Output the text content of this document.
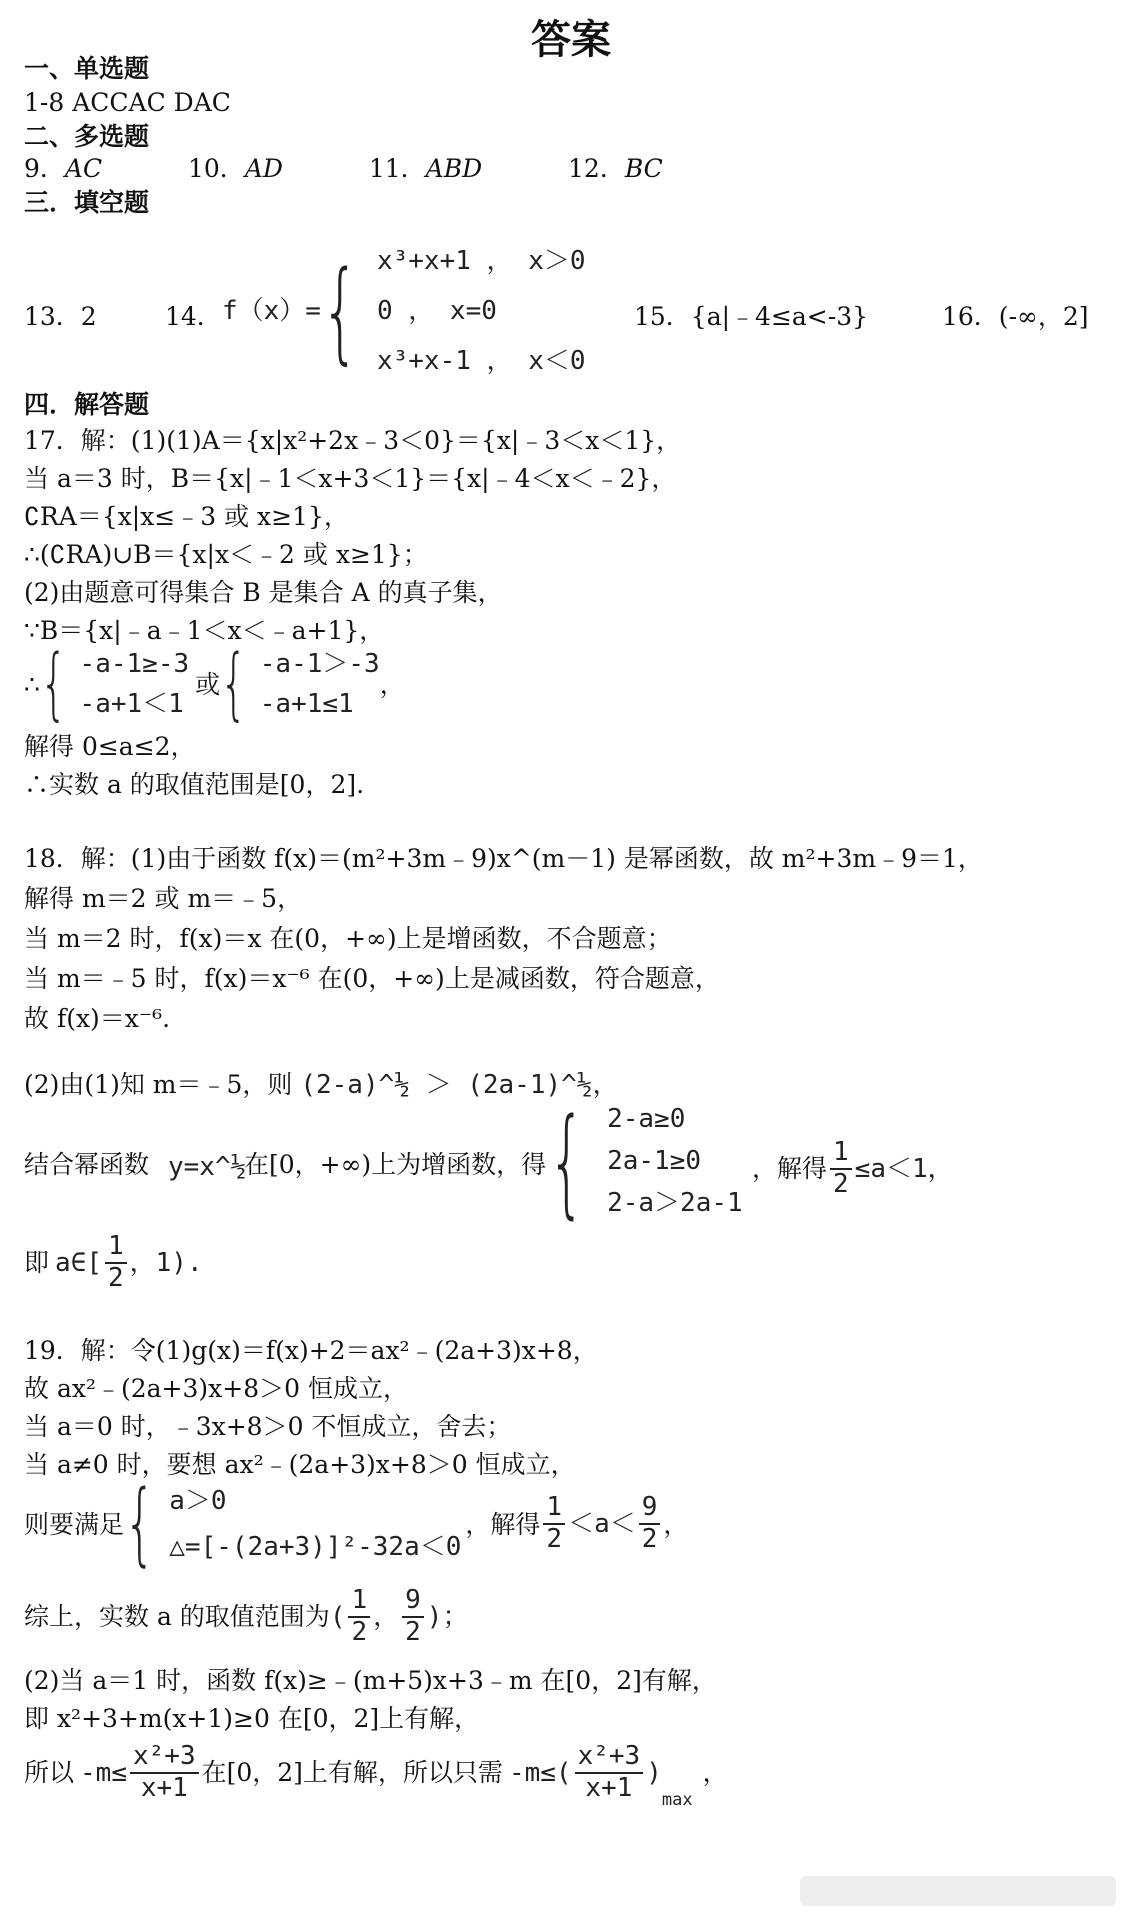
答案
一、单选题
1-8 ACCAC DAC
二、多选题
9．AC	10．AD	11．ABD	12．BC
三．填空题
13．2	14． f（x）= { x³+x+1 ， x＞0
0 ， x=0
x³+x-1 ， x＜0
15．{a|﹣4≤a<-3}	16．(-∞，2]
四．解答题
17．解：(1)(1)A＝{x|x²+2x﹣3＜0}＝{x|﹣3＜x＜1}，
当 a＝3 时，B＝{x|﹣1＜x+3＜1}＝{x|﹣4＜x＜﹣2}，
∁RA＝{x|x≤﹣3 或 x≥1}，
∴(∁RA)∪B＝{x|x＜﹣2 或 x≥1}；
(2)由题意可得集合 B 是集合 A 的真子集，
∵B＝{x|﹣a﹣1＜x＜﹣a+1}，
∴ { -a-1≥-3
-a+1＜1
或 { -a-1＞-3
-a+1≤1
，
解得 0≤a≤2，
∴实数 a 的取值范围是[0，2].
18．解：(1)由于函数 f(x)＝(m²+3m﹣9)x^(m－1) 是幂函数，故 m²+3m﹣9＝1，
解得 m＝2 或 m＝﹣5，
当 m＝2 时，f(x)＝x 在(0，+∞)上是增函数，不合题意；
当 m＝﹣5 时，f(x)＝x⁻⁶ 在(0，+∞)上是减函数，符合题意，
故 f(x)＝x⁻⁶.
(2)由(1)知 m＝﹣5，则 (2-a)^½ ＞ (2a-1)^½，
结合幂函数 y=x^½
在[0，+∞)上为增函数，得 { 2-a≥0
2a-1≥0
2-a＞2a-1
，解得 $\frac{1}{2} \le a<1$，
即 a∈[ $\frac{1}{2}$ ，1).
19．解：令(1)g(x)＝f(x)+2＝ax²﹣(2a+3)x+8，
故 ax²﹣(2a+3)x+8＞0 恒成立，
当 a＝0 时，﹣3x+8＞0 不恒成立，舍去；
当 a≠0 时，要想 ax²﹣(2a+3)x+8＞0 恒成立，
则要满足 { a＞0
△=[-(2a+3)]²-32a＜0
，解得 $\frac{1}{2} <a< \frac{9}{2}$ ，
综上，实数 a 的取值范围为 ( $\frac{1}{2}$ ， $\frac{9}{2}$ )；
(2)当 a＝1 时，函数 f(x)≥﹣(m+5)x+3﹣m 在[0，2]有解，
即 x²+3+m(x+1)≥0 在[0，2]上有解，
所以 $-m\le \frac{\text{x²+3}}{x+1}$ 在[0，2]上有解，所以只需 $-m\le( \frac{\text{x²+3}}{x+1}$ )
max
，
